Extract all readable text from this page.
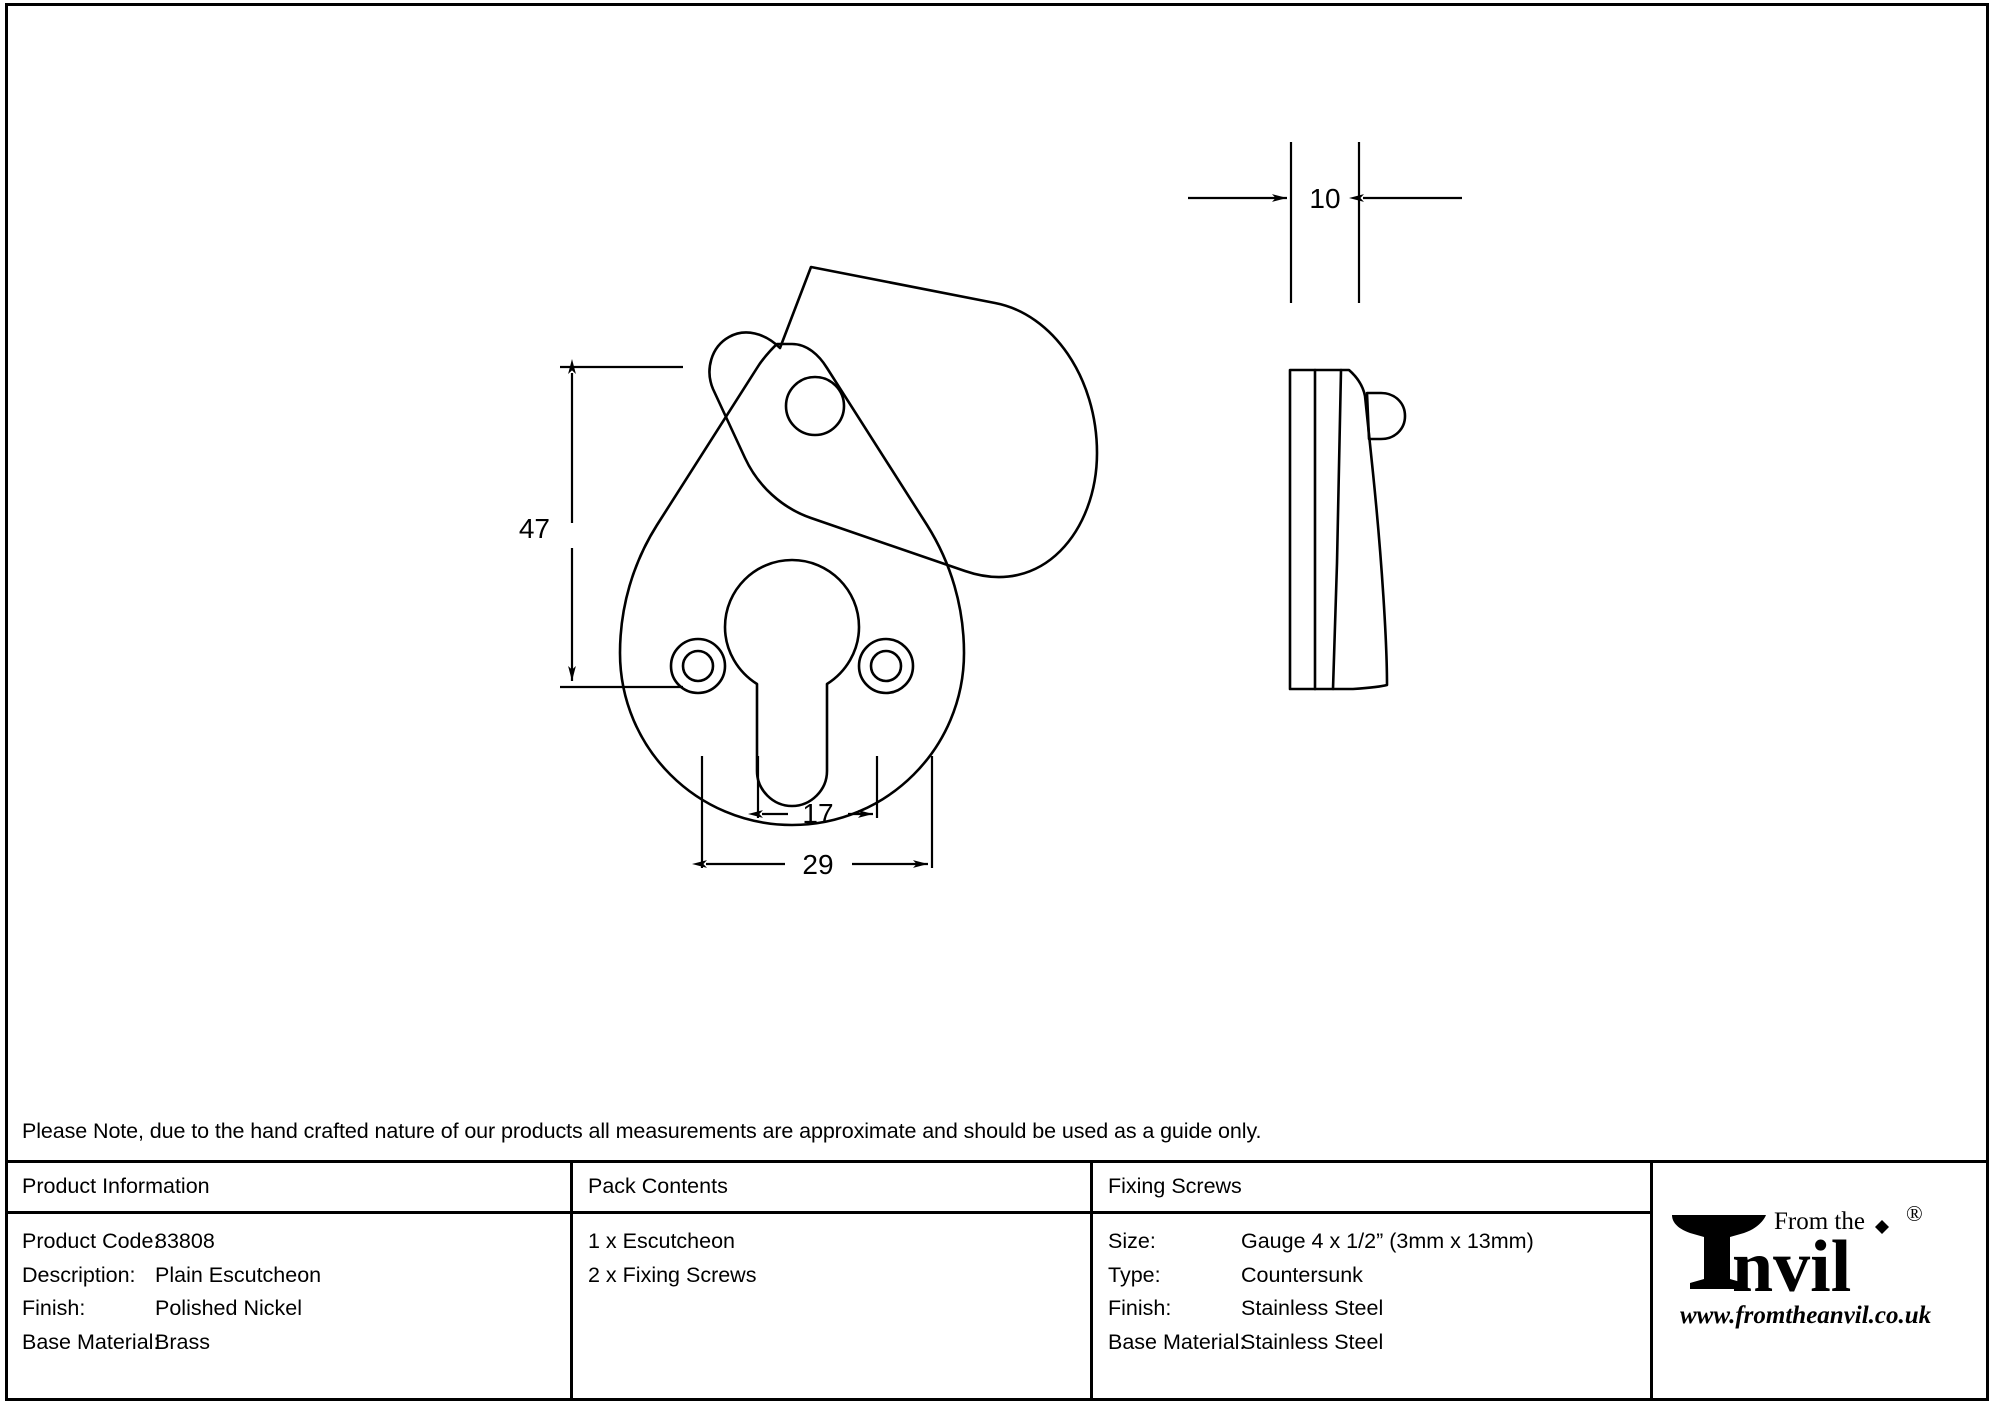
47
17
29
10
Please Note, due to the hand crafted nature of our products all measurements are approximate and should be used as a guide only.
Product Information
Product Code:
83808
Description: Plain Escutcheon
Finish:	Polished Nickel
Base Material:
Brass
Pack Contents
1 x Escutcheon
2 x Fixing Screws
Fixing Screws
Size:	Gauge 4 x 1/2” (3mm x 13mm)
Type:	Countersunk
Finish:	Stainless Steel
Base Material:
Stainless Steel
From the
nvil
®
www.fromtheanvil.co.uk
